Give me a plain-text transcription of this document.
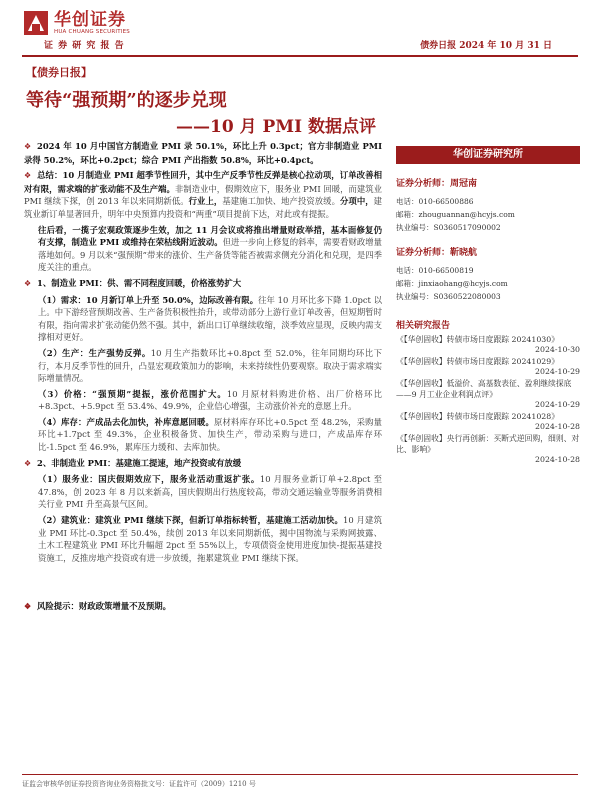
华创证券
HUA CHUANG SECURITIES
证 券 研 究 报 告	债券日报 2024 年 10 月 31 日
【债券日报】
等待“强预期”的逐步兑现
——10 月 PMI 数据点评

❖ 2024 年 10 月中国官方制造业 PMI 录 50.1%，环比上升 0.3pct；官方非制造业 PMI 录得 50.2%，环比+0.2pct；综合 PMI 产出指数 50.8%，环比+0.4pct。

❖ 总结：10 月制造业 PMI 超季节性回升，其中生产反季节性反弹是核心拉动项，订单改善相对有限，需求端的扩张动能不及生产端。非制造业中，假期效应下，服务业 PMI 回暖，而建筑业 PMI 继续下探，创 2013 年以来同期新低。行业上，基建施工加快、地产投资放缓。分项中，建筑业新订单显著回升，明年中央预算内投资和“两重”项目提前下达，对此或有提振。

往后看，一揽子宏观政策逐步生效，加之 11 月会议或将推出增量财政举措，基本面修复仍有支撑，制造业 PMI 或维持在荣枯线附近波动。但进一步向上修复的斜率，需要看财政增量落地如何。9 月以来“强预期”带来的涨价、生产备货等能否被需求侧充分消化和兑现，是四季度关注的重点。

❖ 1、制造业 PMI：供、需不同程度回暖，价格涨势扩大

（1）需求：10 月新订单上升至 50.0%，边际改善有限。往年 10 月环比多下降 1.0pct 以上。中下游经营预期改善、生产备货积极性抬升，或带动部分上游行业订单改善，但短期暂时有限，指向需求扩张动能仍然不强。其中，新出口订单继续收缩，淡季效应显现，反映内需支撑相对更好。

（2）生产：生产强势反弹。10 月生产指数环比+0.8pct 至 52.0%，往年同期均环比下行，本月反季节性的回升，凸显宏观政策加力的影响，未来持续性仍要观察。取决于需求端实际增量情况。

（3）价格：“强预期”提振，涨价范围扩大。10 月原材料购进价格、出厂价格环比+8.3pct、+5.9pct 至 53.4%、49.9%，企业信心增强，主动涨价补充的意愿上升。

（4）库存：产成品去化加快，补库意愿回暖。原材料库存环比+0.5pct 至 48.2%，采购量环比+1.7pct 至 49.3%，企业积极备货、加快生产，带动采购与进口，产成品库存环比-1.5pct 至 46.9%，累库压力缓和、去库加快。

❖ 2、非制造业 PMI：基建施工提速，地产投资或有放缓

（1）服务业：国庆假期效应下，服务业活动重返扩张。10 月服务业新订单+2.8pct 至 47.8%，创 2023 年 8 月以来新高，国庆假期出行热度较高，带动交通运输业等服务消费相关行业 PMI 升至高景气区间。

（2）建筑业：建筑业 PMI 继续下探，但新订单指标转暂，基建施工活动加快。10 月建筑业 PMI 环比-0.3pct 至 50.4%，续创 2013 年以来同期新低，揭中国物流与采购网披露、土木工程建筑业 PMI 环比升幅超 2pct 至 55%以上，专项债资金使用进度加快-提振基建投资施工，反推房地产投资或有进一步放缓，拖累建筑业 PMI 继续下探。

❖ 风险提示：财政政策增量不及预期。
华创证券研究所
证券分析师：周冠南
电话：010-66500886
邮箱：zhouguannan@hcyjs.com
执业编号：S0360517090002
证券分析师：靳晓航
电话：010-66500819
邮箱：jinxiaohang@hcyjs.com
执业编号：S0360522080003
相关研究报告
《【华创固收】转债市场日度跟踪 20241030》
2024-10-30
《【华创固收】转债市场日度跟踪 20241029》
2024-10-29
《【华创固收】低溢价、高基数表征、盈利继续探底——9 月工业企业利润点评》
2024-10-29
《【华创固收】转债市场日度跟踪 20241028》
2024-10-28
《【华创固收】央行再创新：买断式逆回购，细则、对比、影响》
2024-10-28
证监会审核华创证券投资咨询业务资格批文号：证监许可（2009）1210 号
